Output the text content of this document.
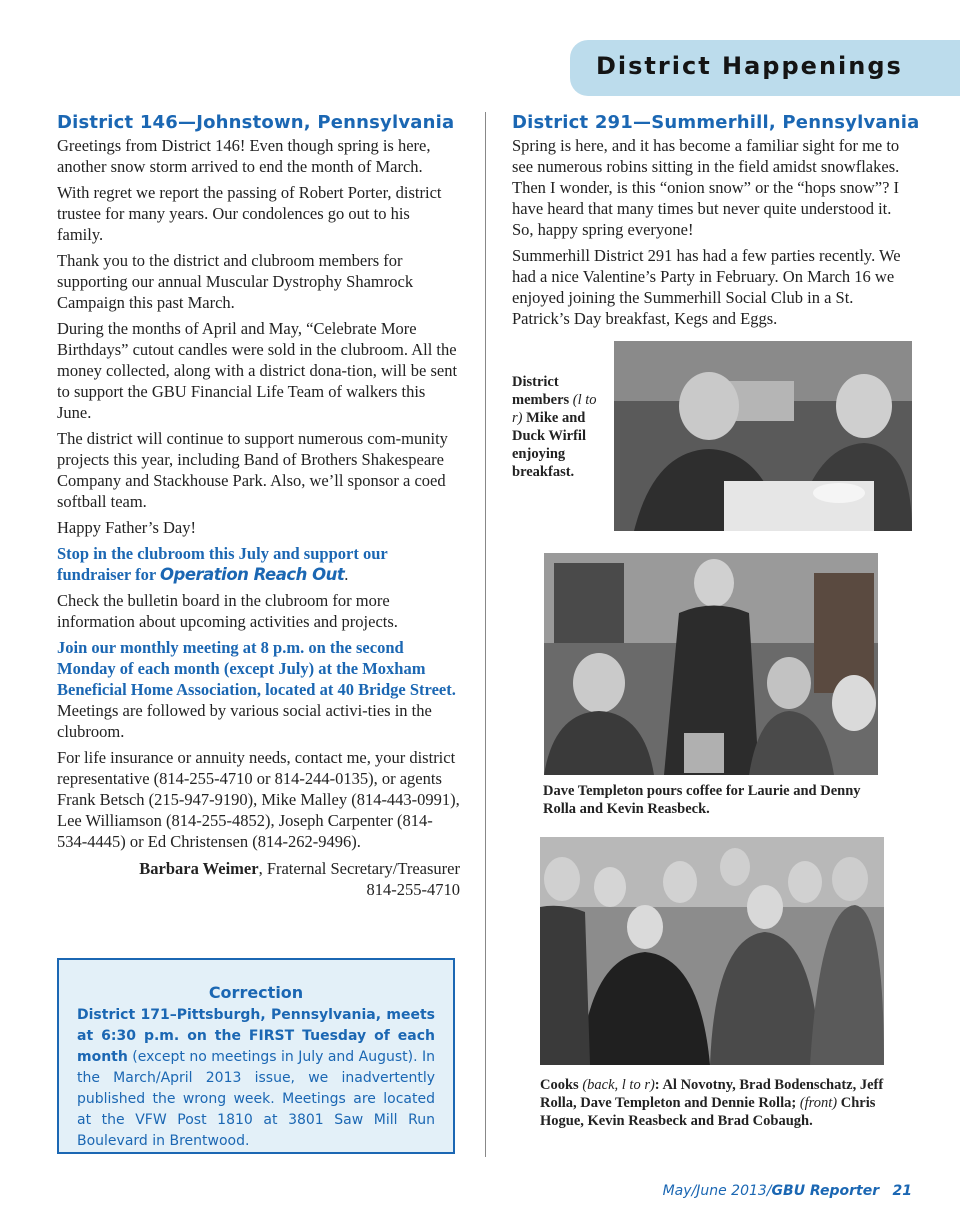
District Happenings
District 146—Johnstown, Pennsylvania

Greetings from District 146! Even though spring is here, another snow storm arrived to end the month of March.

With regret we report the passing of Robert Porter, district trustee for many years. Our condolences go out to his family.

Thank you to the district and clubroom members for supporting our annual Muscular Dystrophy Shamrock Campaign this past March.

During the months of April and May, “Celebrate More Birthdays” cutout candles were sold in the clubroom. All the money collected, along with a district dona-tion, will be sent to support the GBU Financial Life Team of walkers this June.

The district will continue to support numerous com-munity projects this year, including Band of Brothers Shakespeare Company and Stackhouse Park. Also, we’ll sponsor a coed softball team.

Happy Father’s Day!

Stop in the clubroom this July and support our fundraiser for Operation Reach Out.

Check the bulletin board in the clubroom for more information about upcoming activities and projects.

Join our monthly meeting at 8 p.m. on the second Monday of each month (except July) at the Moxham Beneficial Home Association, located at 40 Bridge Street. Meetings are followed by various social activi-ties in the clubroom.

For life insurance or annuity needs, contact me, your district representative (814-255-4710 or 814-244-0135), or agents Frank Betsch (215-947-9190), Mike Malley (814-443-0991), Lee Williamson (814-255-4852), Joseph Carpenter (814-534-4445) or Ed Christensen (814-262-9496).

Barbara Weimer, Fraternal Secretary/Treasurer
814-255-4710
Correction
District 171–Pittsburgh, Pennsylvania, meets at 6:30 p.m. on the FIRST Tuesday of each month (except no meetings in July and August). In the March/April 2013 issue, we inadvertently published the wrong week. Meetings are located at the VFW Post 1810 at 3801 Saw Mill Run Boulevard in Brentwood.
District 291—Summerhill, Pennsylvania

Spring is here, and it has become a familiar sight for me to see numerous robins sitting in the field amidst snowflakes. Then I wonder, is this “onion snow” or the “hops snow”? I have heard that many times but never quite understood it. So, happy spring everyone!

Summerhill District 291 has had a few parties recently. We had a nice Valentine’s Party in February. On March 16 we enjoyed joining the Summerhill Social Club in a St. Patrick’s Day breakfast, Kegs and Eggs.

District members (l to r) Mike and Duck Wirfil enjoying breakfast.
Dave Templeton pours coffee for Laurie and Denny Rolla and Kevin Reasbeck.
Cooks (back, l to r): Al Novotny, Brad Bodenschatz, Jeff Rolla, Dave Templeton and Dennie Rolla; (front) Chris Hogue, Kevin Reasbeck and Brad Cobaugh.
May/June 2013/GBU Reporter 21
